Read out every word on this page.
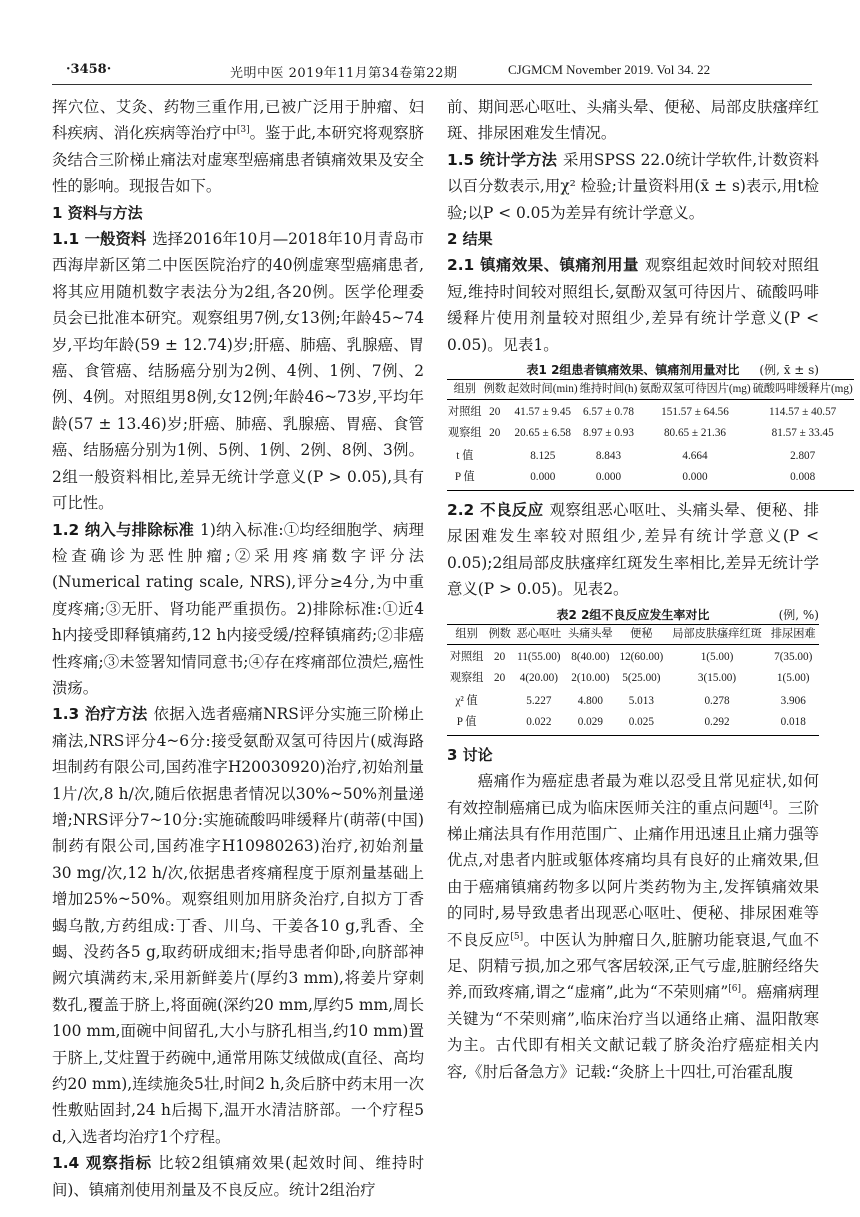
·3458·	光明中医 2019年11月第34卷第22期	CJGMCM November 2019. Vol 34. 22

挥穴位、艾灸、药物三重作用,已被广泛用于肿瘤、妇科疾病、消化疾病等治疗中[3]。鉴于此,本研究将观察脐灸结合三阶梯止痛法对虚寒型癌痛患者镇痛效果及安全性的影响。现报告如下。

1 资料与方法

1.1 一般资料 选择2016年10月—2018年10月青岛市西海岸新区第二中医医院治疗的40例虚寒型癌痛患者,将其应用随机数字表法分为2组,各20例。医学伦理委员会已批准本研究。观察组男7例,女13例;年龄45~74岁,平均年龄(59 ± 12.74)岁;肝癌、肺癌、乳腺癌、胃癌、食管癌、结肠癌分别为2例、4例、1例、7例、2例、4例。对照组男8例,女12例;年龄46~73岁,平均年龄(57 ± 13.46)岁;肝癌、肺癌、乳腺癌、胃癌、食管癌、结肠癌分别为1例、5例、1例、2例、8例、3例。2组一般资料相比,差异无统计学意义(P > 0.05),具有可比性。

1.2 纳入与排除标准 1)纳入标准:①均经细胞学、病理检查确诊为恶性肿瘤;②采用疼痛数字评分法(Numerical rating scale, NRS),评分≥4分,为中重度疼痛;③无肝、肾功能严重损伤。2)排除标准:①近4 h内接受即释镇痛药,12 h内接受缓/控释镇痛药;②非癌性疼痛;③未签署知情同意书;④存在疼痛部位溃烂,癌性溃疡。

1.3 治疗方法 依据入选者癌痛NRS评分实施三阶梯止痛法,NRS评分4~6分:接受氨酚双氢可待因片(威海路坦制药有限公司,国药准字H20030920)治疗,初始剂量1片/次,8 h/次,随后依据患者情况以30%~50%剂量递增;NRS评分7~10分:实施硫酸吗啡缓释片(萌蒂(中国)制药有限公司,国药准字H10980263)治疗,初始剂量30 mg/次,12 h/次,依据患者疼痛程度于原剂量基础上增加25%~50%。观察组则加用脐灸治疗,自拟方丁香蝎乌散,方药组成:丁香、川乌、干姜各10 g,乳香、全蝎、没药各5 g,取药研成细末;指导患者仰卧,向脐部神阙穴填满药末,采用新鲜姜片(厚约3 mm),将姜片穿刺数孔,覆盖于脐上,将面碗(深约20 mm,厚约5 mm,周长100 mm,面碗中间留孔,大小与脐孔相当,约10 mm)置于脐上,艾炷置于药碗中,通常用陈艾绒做成(直径、高均约20 mm),连续施灸5壮,时间2 h,灸后脐中药末用一次性敷贴固封,24 h后揭下,温开水清洁脐部。一个疗程5 d,入选者均治疗1个疗程。

1.4 观察指标 比较2组镇痛效果(起效时间、维持时间)、镇痛剂使用剂量及不良反应。统计2组治疗

前、期间恶心呕吐、头痛头晕、便秘、局部皮肤瘙痒红斑、排尿困难发生情况。

1.5 统计学方法 采用SPSS 22.0统计学软件,计数资料以百分数表示,用χ² 检验;计量资料用(x̄ ± s)表示,用t检验;以P < 0.05为差异有统计学意义。

2 结果

2.1 镇痛效果、镇痛剂用量 观察组起效时间较对照组短,维持时间较对照组长,氨酚双氢可待因片、硫酸吗啡缓释片使用剂量较对照组少,差异有统计学意义(P < 0.05)。见表1。

表1 2组患者镇痛效果、镇痛剂用量对比 (例, x̄ ± s)
组别	例数	起效时间(min)	维持时间(h)	氨酚双氢可待因片(mg)	硫酸吗啡缓释片(mg)
对照组	20	41.57 ± 9.45	6.57 ± 0.78	151.57 ± 64.56	114.57 ± 40.57
观察组	20	20.65 ± 6.58	8.97 ± 0.93	80.65 ± 21.36	81.57 ± 33.45
t 值		8.125	8.843	4.664	2.807
P 值		0.000	0.000	0.000	0.008

2.2 不良反应 观察组恶心呕吐、头痛头晕、便秘、排尿困难发生率较对照组少,差异有统计学意义(P < 0.05);2组局部皮肤瘙痒红斑发生率相比,差异无统计学意义(P > 0.05)。见表2。

表2 2组不良反应发生率对比	(例, %)
组别	例数	恶心呕吐	头痛头晕	便秘	局部皮肤瘙痒红斑	排尿困难
对照组	20	11(55.00)	8(40.00)	12(60.00)	1(5.00)	7(35.00)
观察组	20	4(20.00)	2(10.00)	5(25.00)	3(15.00)	1(5.00)
χ² 值		5.227	4.800	5.013	0.278	3.906
P 值		0.022	0.029	0.025	0.292	0.018

3 讨论

癌痛作为癌症患者最为难以忍受且常见症状,如何有效控制癌痛已成为临床医师关注的重点问题[4]。三阶梯止痛法具有作用范围广、止痛作用迅速且止痛力强等优点,对患者内脏或躯体疼痛均具有良好的止痛效果,但由于癌痛镇痛药物多以阿片类药物为主,发挥镇痛效果的同时,易导致患者出现恶心呕吐、便秘、排尿困难等不良反应[5]。中医认为肿瘤日久,脏腑功能衰退,气血不足、阴精亏损,加之邪气客居较深,正气亏虚,脏腑经络失养,而致疼痛,谓之“虚痛”,此为“不荣则痛”[6]。癌痛病理关键为“不荣则痛”,临床治疗当以通络止痛、温阳散寒为主。古代即有相关文献记载了脐灸治疗癌症相关内容,《肘后备急方》记载:“灸脐上十四壮,可治霍乱腹
